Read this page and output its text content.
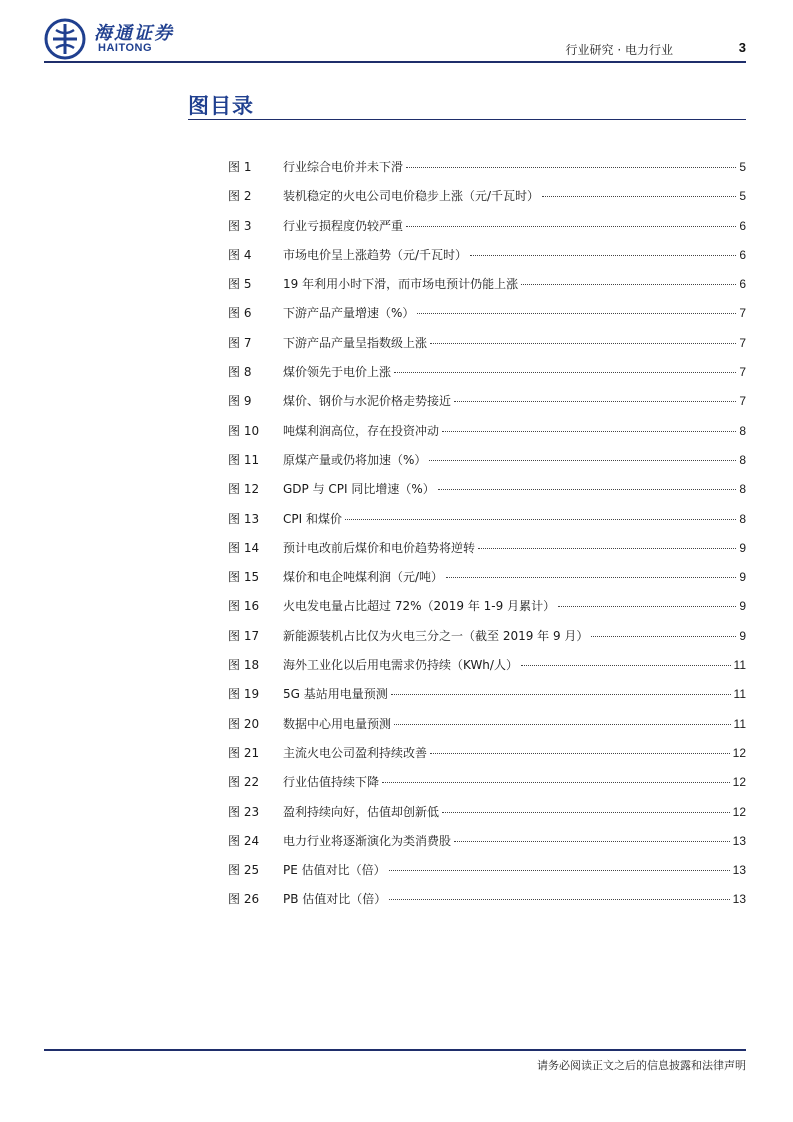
海通证券
HAITONG	行业研究 · 电力行业	3
图目录
图 1	行业综合电价并未下滑	5
图 2	装机稳定的火电公司电价稳步上涨（元/千瓦时）	5
图 3	行业亏损程度仍较严重	6
图 4	市场电价呈上涨趋势（元/千瓦时）	6
图 5	19 年利用小时下滑，而市场电预计仍能上涨	6
图 6	下游产品产量增速（%）	7
图 7	下游产品产量呈指数级上涨	7
图 8	煤价领先于电价上涨	7
图 9	煤价、钢价与水泥价格走势接近	7
图 10	吨煤利润高位，存在投资冲动	8
图 11	原煤产量或仍将加速（%）	8
图 12	GDP 与 CPI 同比增速（%）	8
图 13	CPI 和煤价	8
图 14	预计电改前后煤价和电价趋势将逆转	9
图 15	煤价和电企吨煤利润（元/吨）	9
图 16	火电发电量占比超过 72%（2019 年 1-9 月累计）	9
图 17	新能源装机占比仅为火电三分之一（截至 2019 年 9 月）	9
图 18	海外工业化以后用电需求仍持续（KWh/人）	11
图 19	5G 基站用电量预测	11
图 20	数据中心用电量预测	11
图 21	主流火电公司盈利持续改善	12
图 22	行业估值持续下降	12
图 23	盈利持续向好，估值却创新低	12
图 24	电力行业将逐渐演化为类消费股	13
图 25	PE 估值对比（倍）	13
图 26	PB 估值对比（倍）	13
请务必阅读正文之后的信息披露和法律声明
